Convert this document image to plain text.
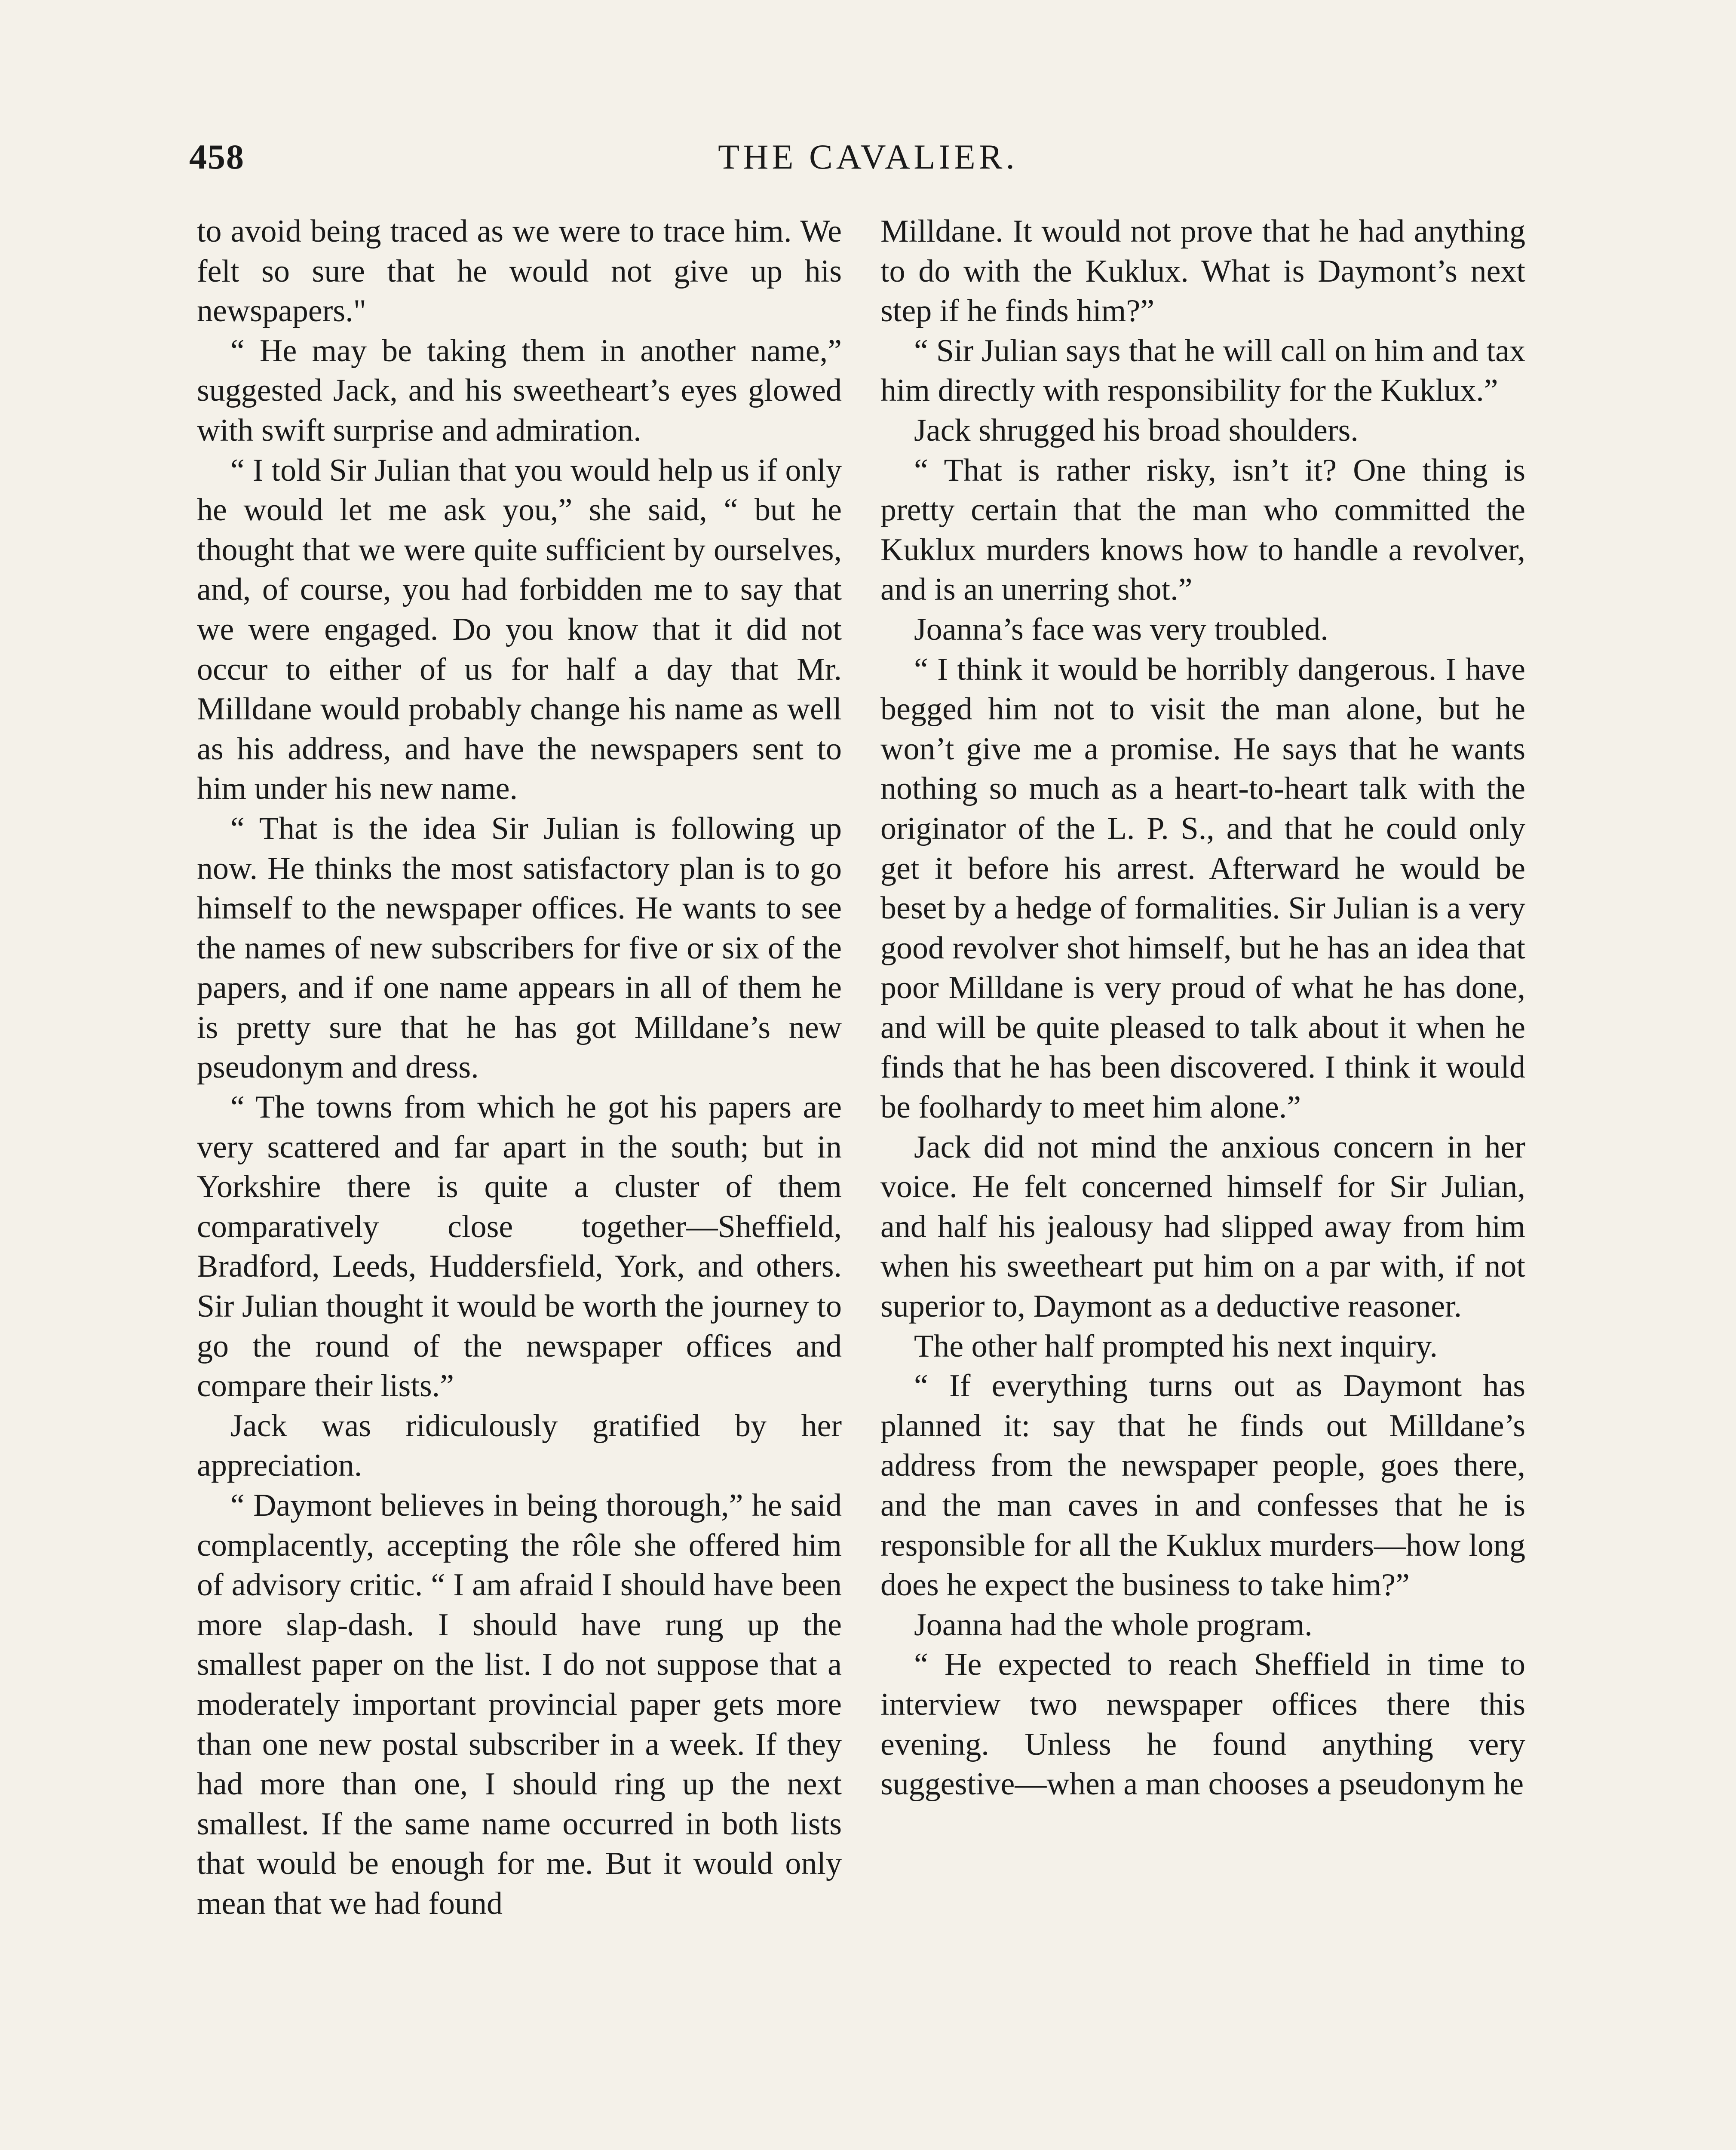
458	THE CAVALIER.

to avoid being traced as we were to trace him. We felt so sure that he would not give up his newspapers."

“ He may be taking them in another name,” suggested Jack, and his sweetheart’s eyes glowed with swift surprise and admiration.

“ I told Sir Julian that you would help us if only he would let me ask you,” she said, “ but he thought that we were quite sufficient by ourselves, and, of course, you had forbidden me to say that we were engaged. Do you know that it did not occur to either of us for half a day that Mr. Milldane would probably change his name as well as his address, and have the newspapers sent to him under his new name.

“ That is the idea Sir Julian is following up now. He thinks the most satisfactory plan is to go himself to the newspaper offices. He wants to see the names of new subscribers for five or six of the papers, and if one name appears in all of them he is pretty sure that he has got Milldane’s new pseudonym and dress.

“ The towns from which he got his papers are very scattered and far apart in the south; but in Yorkshire there is quite a cluster of them comparatively close together—Sheffield, Bradford, Leeds, Huddersfield, York, and others. Sir Julian thought it would be worth the journey to go the round of the newspaper offices and compare their lists.”

Jack was ridiculously gratified by her appreciation.

“ Daymont believes in being thorough,” he said complacently, accepting the rôle she offered him of advisory critic. “ I am afraid I should have been more slap-dash. I should have rung up the smallest paper on the list. I do not suppose that a moderately important provincial paper gets more than one new postal subscriber in a week. If they had more than one, I should ring up the next smallest. If the same name occurred in both lists that would be enough for me. But it would only mean that we had found

Milldane. It would not prove that he had anything to do with the Kuklux. What is Daymont’s next step if he finds him?”

“ Sir Julian says that he will call on him and tax him directly with responsibility for the Kuklux.”

Jack shrugged his broad shoulders.

“ That is rather risky, isn’t it? One thing is pretty certain that the man who committed the Kuklux murders knows how to handle a revolver, and is an unerring shot.”

Joanna’s face was very troubled.

“ I think it would be horribly dangerous. I have begged him not to visit the man alone, but he won’t give me a promise. He says that he wants nothing so much as a heart-to-heart talk with the originator of the L. P. S., and that he could only get it before his arrest. Afterward he would be beset by a hedge of formalities. Sir Julian is a very good revolver shot himself, but he has an idea that poor Milldane is very proud of what he has done, and will be quite pleased to talk about it when he finds that he has been discovered. I think it would be foolhardy to meet him alone.”

Jack did not mind the anxious concern in her voice. He felt concerned himself for Sir Julian, and half his jealousy had slipped away from him when his sweetheart put him on a par with, if not superior to, Daymont as a deductive reasoner.

The other half prompted his next inquiry.

“ If everything turns out as Daymont has planned it: say that he finds out Milldane’s address from the newspaper people, goes there, and the man caves in and confesses that he is responsible for all the Kuklux murders—how long does he expect the business to take him?”

Joanna had the whole program.

“ He expected to reach Sheffield in time to interview two newspaper offices there this evening. Unless he found anything very suggestive—when a man chooses a pseudonym he
